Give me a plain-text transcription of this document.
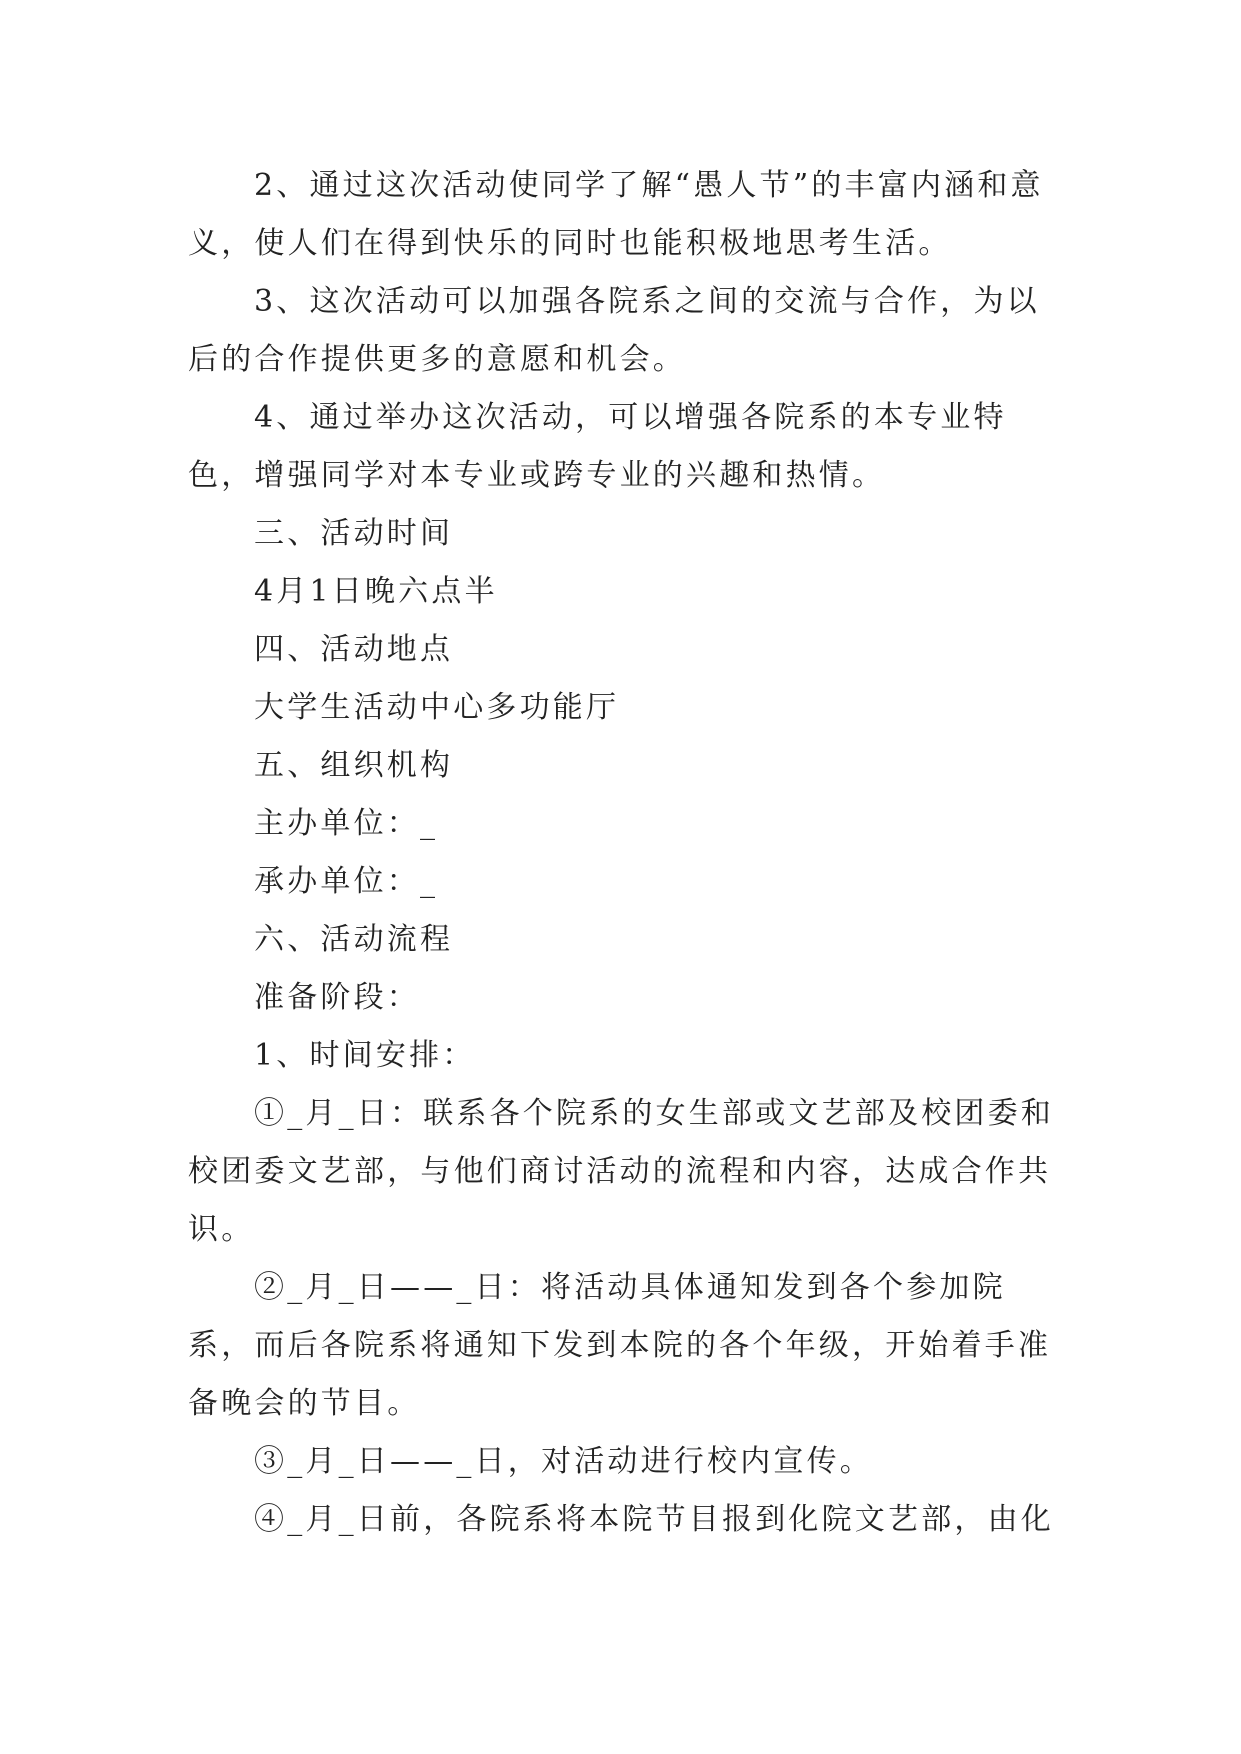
2、通过这次活动使同学了解“愚人节”的丰富内涵和意义，使人们在得到快乐的同时也能积极地思考生活。

3、这次活动可以加强各院系之间的交流与合作，为以后的合作提供更多的意愿和机会。

4、通过举办这次活动，可以增强各院系的本专业特色，增强同学对本专业或跨专业的兴趣和热情。

三、活动时间

4月1日晚六点半

四、活动地点

大学生活动中心多功能厅

五、组织机构

主办单位：_

承办单位：_

六、活动流程

准备阶段：

1、时间安排：

①_月_日：联系各个院系的女生部或文艺部及校团委和校团委文艺部，与他们商讨活动的流程和内容，达成合作共识。

②_月_日——_日：将活动具体通知发到各个参加院系，而后各院系将通知下发到本院的各个年级，开始着手准备晚会的节目。

③_月_日——_日，对活动进行校内宣传。

④_月_日前，各院系将本院节目报到化院文艺部，由化
